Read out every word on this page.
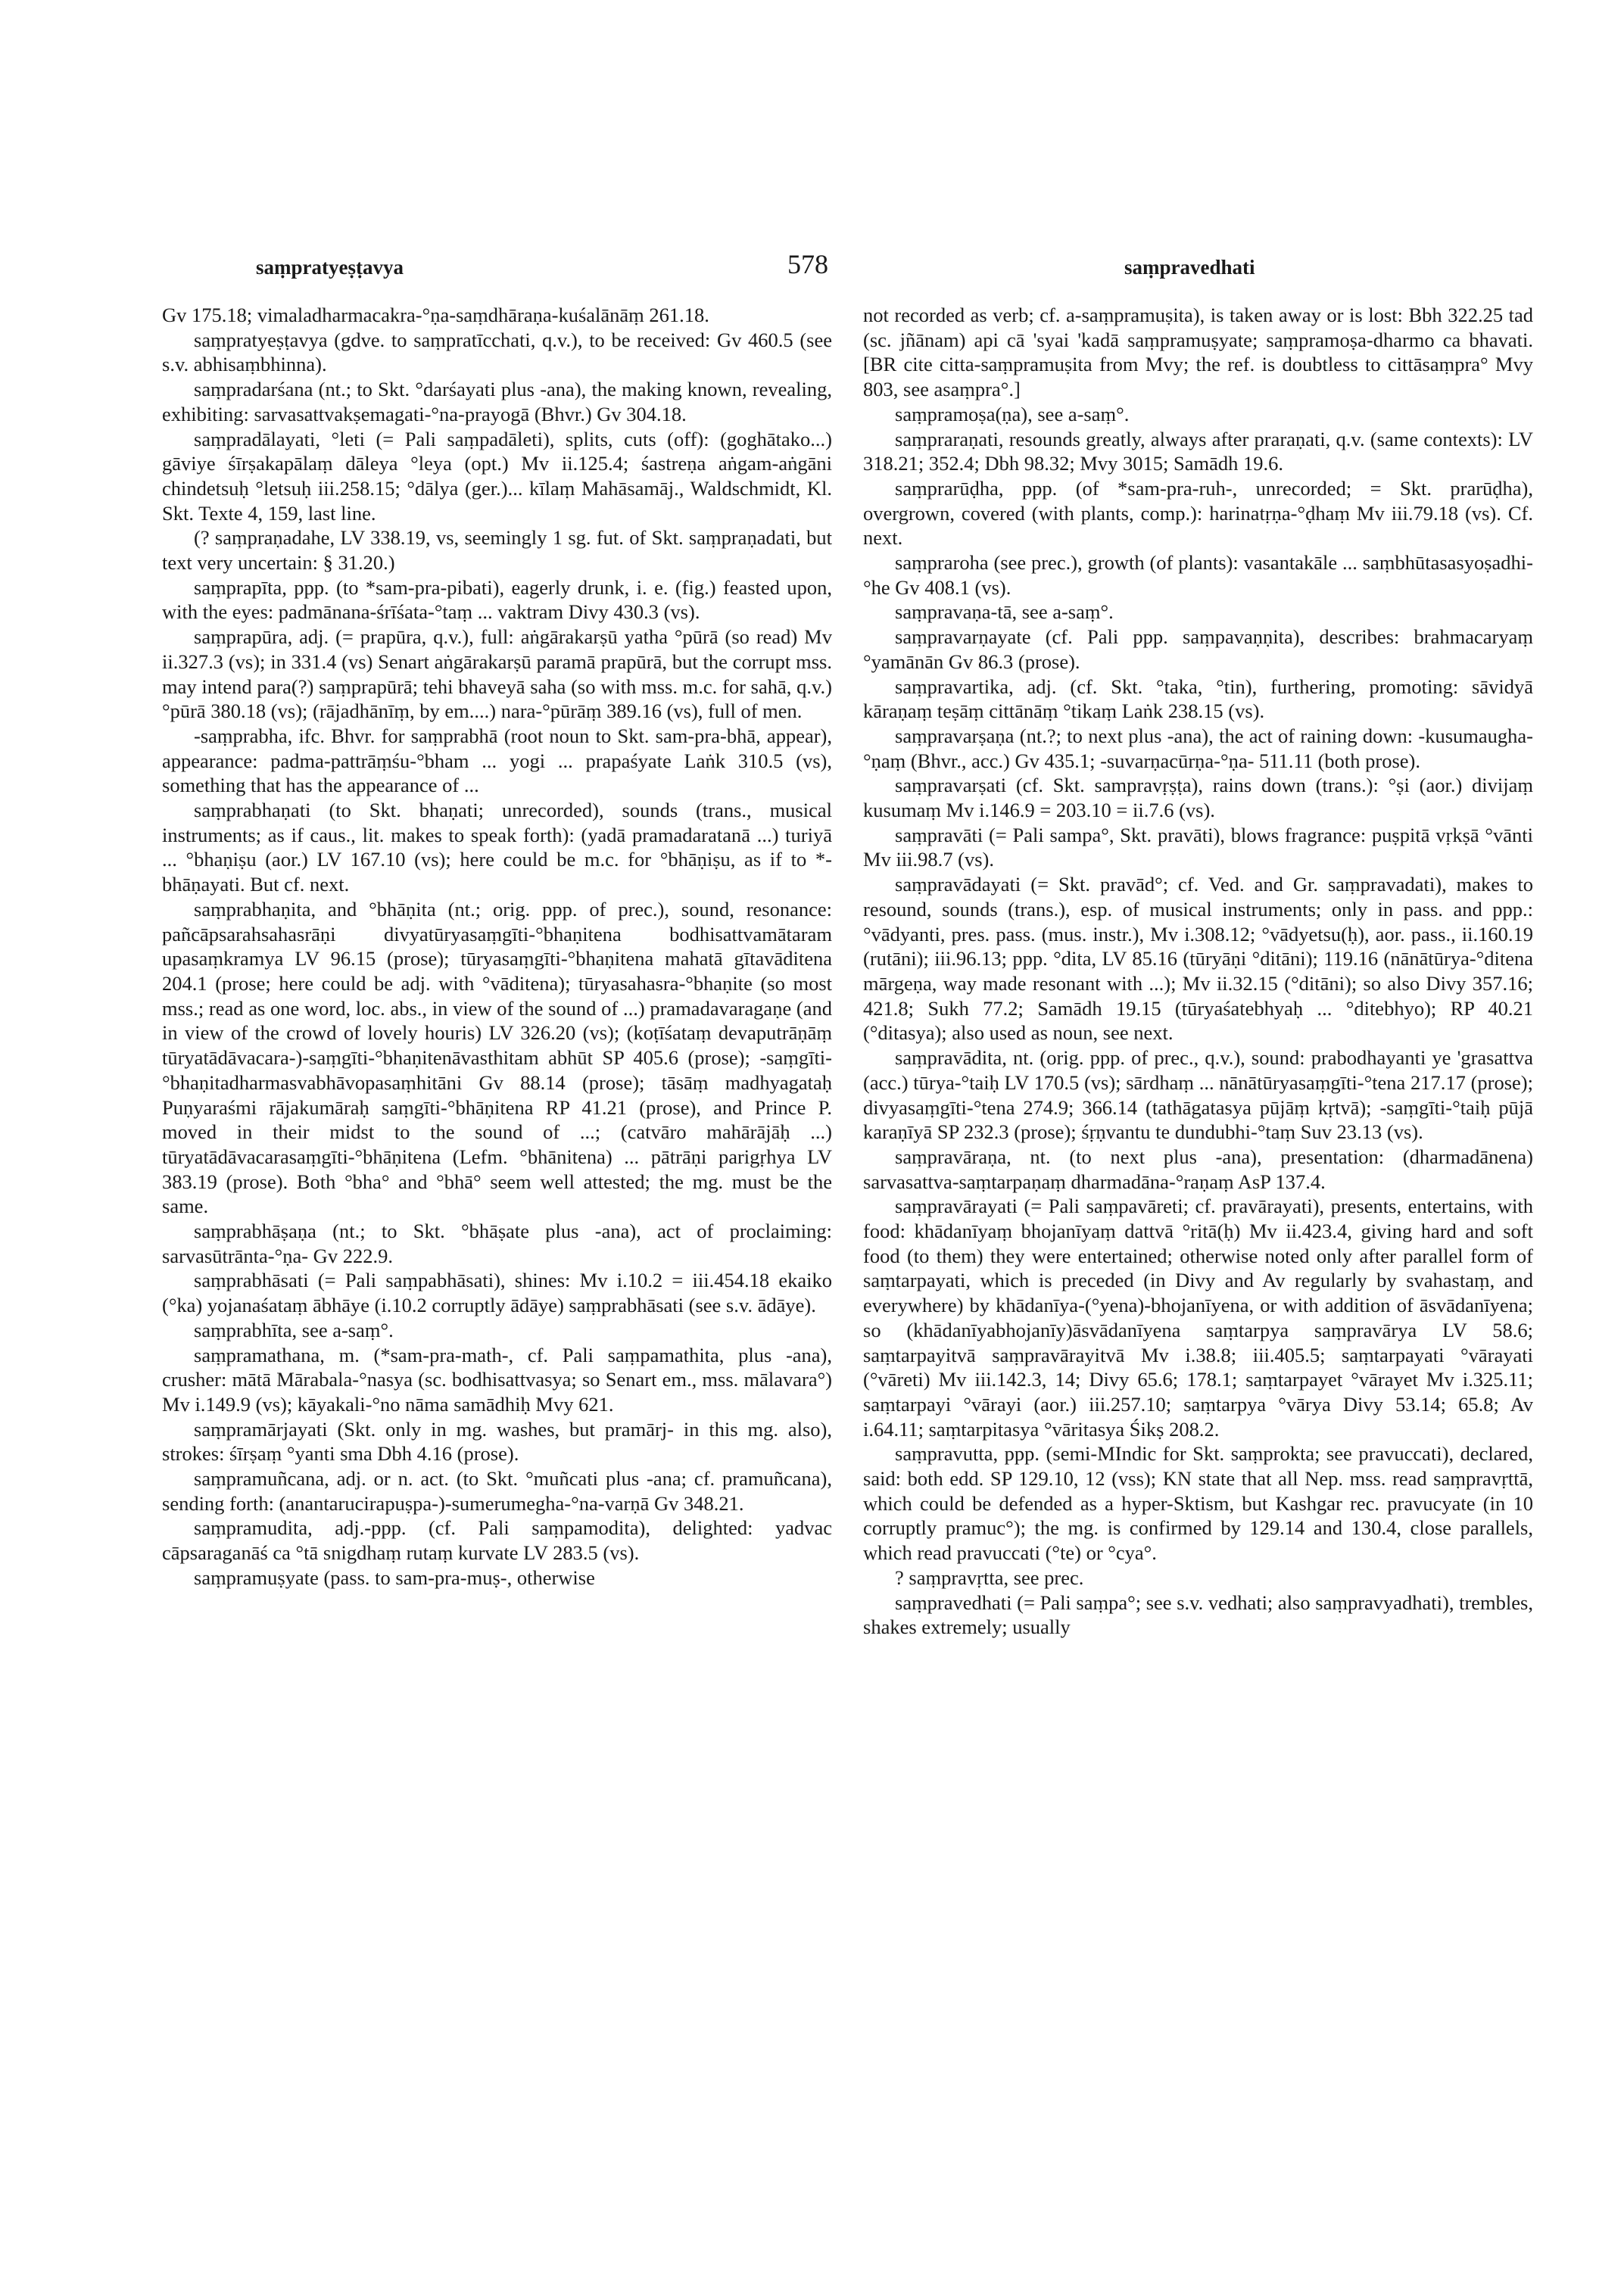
saṃpratyeṣṭavya	578	saṃpravedhati

Gv 175.18; vimaladharmacakra-°ṇa-saṃdhāraṇa-kuśalānāṃ 261.18.

saṃpratyeṣṭavya (gdve. to saṃpratīcchati, q.v.), to be received: Gv 460.5 (see s.v. abhisaṃbhinna).

saṃpradarśana (nt.; to Skt. °darśayati plus -ana), the making known, revealing, exhibiting: sarvasattvakṣemagati-°na-prayogā (Bhvr.) Gv 304.18.

saṃpradālayati, °leti (= Pali saṃpadāleti), splits, cuts (off): (goghātako...) gāviye śīrṣakapālaṃ dāleya °leya (opt.) Mv ii.125.4; śastreṇa aṅgam-aṅgāni chindetsuḥ °letsuḥ iii.258.15; °dālya (ger.)... kīlaṃ Mahāsamāj., Waldschmidt, Kl. Skt. Texte 4, 159, last line.

(? saṃpraṇadahe, LV 338.19, vs, seemingly 1 sg. fut. of Skt. saṃpraṇadati, but text very uncertain: § 31.20.)

saṃprapīta, ppp. (to *sam-pra-pibati), eagerly drunk, i. e. (fig.) feasted upon, with the eyes: padmānana-śrīśata-°taṃ ... vaktram Divy 430.3 (vs).

saṃprapūra, adj. (= prapūra, q.v.), full: aṅgārakarṣū yatha °pūrā (so read) Mv ii.327.3 (vs); in 331.4 (vs) Senart aṅgārakarṣū paramā prapūrā, but the corrupt mss. may intend para(?) saṃprapūrā; tehi bhaveyā saha (so with mss. m.c. for sahā, q.v.) °pūrā 380.18 (vs); (rājadhānīṃ, by em....) nara-°pūrāṃ 389.16 (vs), full of men.

-saṃprabha, ifc. Bhvr. for saṃprabhā (root noun to Skt. sam-pra-bhā, appear), appearance: padma-pattrāṃśu-°bham ... yogi ... prapaśyate Laṅk 310.5 (vs), something that has the appearance of ...

saṃprabhaṇati (to Skt. bhaṇati; unrecorded), sounds (trans., musical instruments; as if caus., lit. makes to speak forth): (yadā pramadaratanā ...) turiyā ... °bhaṇiṣu (aor.) LV 167.10 (vs); here could be m.c. for °bhāṇiṣu, as if to *-bhāṇayati. But cf. next.

saṃprabhaṇita, and °bhāṇita (nt.; orig. ppp. of prec.), sound, resonance: pañcāpsarahsahasrāṇi divyatūryasaṃgīti-°bhaṇitena bodhisattvamātaram upasaṃkramya LV 96.15 (prose); tūryasaṃgīti-°bhaṇitena mahatā gītavāditena 204.1 (prose; here could be adj. with °vāditena); tūryasahasra-°bhaṇite (so most mss.; read as one word, loc. abs., in view of the sound of ...) pramadavaragaṇe (and in view of the crowd of lovely houris) LV 326.20 (vs); (koṭīśataṃ devaputrāṇāṃ tūryatādāvacara-)-saṃgīti-°bhaṇitenāvasthitam abhūt SP 405.6 (prose); -saṃgīti-°bhaṇitadharmasvabhāvopasaṃhitāni Gv 88.14 (prose); tāsāṃ madhyagataḥ Puṇyaraśmi rājakumāraḥ saṃgīti-°bhāṇitena RP 41.21 (prose), and Prince P. moved in their midst to the sound of ...; (catvāro mahārājāḥ ...) tūryatādāvacarasaṃgīti-°bhāṇitena (Lefm. °bhānitena) ... pātrāṇi parigṛhya LV 383.19 (prose). Both °bha° and °bhā° seem well attested; the mg. must be the same.

saṃprabhāṣaṇa (nt.; to Skt. °bhāṣate plus -ana), act of proclaiming: sarvasūtrānta-°ṇa- Gv 222.9.

saṃprabhāsati (= Pali saṃpabhāsati), shines: Mv i.10.2 = iii.454.18 ekaiko (°ka) yojanaśataṃ ābhāye (i.10.2 corruptly ādāye) saṃprabhāsati (see s.v. ādāye).

saṃprabhīta, see a-saṃ°.

saṃpramathana, m. (*sam-pra-math-, cf. Pali saṃpamathita, plus -ana), crusher: mātā Mārabala-°nasya (sc. bodhisattvasya; so Senart em., mss. mālavara°) Mv i.149.9 (vs); kāyakali-°no nāma samādhiḥ Mvy 621.

saṃpramārjayati (Skt. only in mg. washes, but pramārj- in this mg. also), strokes: śīrṣaṃ °yanti sma Dbh 4.16 (prose).

saṃpramuñcana, adj. or n. act. (to Skt. °muñcati plus -ana; cf. pramuñcana), sending forth: (anantarucirapuṣpa-)-sumerumegha-°na-varṇā Gv 348.21.

saṃpramudita, adj.-ppp. (cf. Pali saṃpamodita), delighted: yadvac cāpsaraganāś ca °tā snigdhaṃ rutaṃ kurvate LV 283.5 (vs).

saṃpramuṣyate (pass. to sam-pra-muṣ-, otherwise

not recorded as verb; cf. a-saṃpramuṣita), is taken away or is lost: Bbh 322.25 tad (sc. jñānam) api cā 'syai 'kadā saṃpramuṣyate; saṃpramoṣa-dharmo ca bhavati. [BR cite citta-saṃpramuṣita from Mvy; the ref. is doubtless to cittāsaṃpra° Mvy 803, see asaṃpra°.]

saṃpramoṣa(ṇa), see a-saṃ°.

saṃpraraṇati, resounds greatly, always after praraṇati, q.v. (same contexts): LV 318.21; 352.4; Dbh 98.32; Mvy 3015; Samādh 19.6.

saṃprarūḍha, ppp. (of *sam-pra-ruh-, unrecorded; = Skt. prarūḍha), overgrown, covered (with plants, comp.): harinatṛṇa-°ḍhaṃ Mv iii.79.18 (vs). Cf. next.

saṃpraroha (see prec.), growth (of plants): vasantakāle ... saṃbhūtasasyoṣadhi-°he Gv 408.1 (vs).

saṃpravaṇa-tā, see a-saṃ°.

saṃpravarṇayate (cf. Pali ppp. saṃpavaṇṇita), describes: brahmacaryaṃ °yamānān Gv 86.3 (prose).

saṃpravartika, adj. (cf. Skt. °taka, °tin), furthering, promoting: sāvidyā kāraṇaṃ teṣāṃ cittānāṃ °tikaṃ Laṅk 238.15 (vs).

saṃpravarṣaṇa (nt.?; to next plus -ana), the act of raining down: -kusumaugha-°ṇaṃ (Bhvr., acc.) Gv 435.1; -suvarṇacūrṇa-°ṇa- 511.11 (both prose).

saṃpravarṣati (cf. Skt. sampravṛṣṭa), rains down (trans.): °ṣi (aor.) divijaṃ kusumaṃ Mv i.146.9 = 203.10 = ii.7.6 (vs).

saṃpravāti (= Pali sampa°, Skt. pravāti), blows fragrance: puṣpitā vṛkṣā °vānti Mv iii.98.7 (vs).

saṃpravādayati (= Skt. pravād°; cf. Ved. and Gr. saṃpravadati), makes to resound, sounds (trans.), esp. of musical instruments; only in pass. and ppp.: °vādyanti, pres. pass. (mus. instr.), Mv i.308.12; °vādyetsu(ḥ), aor. pass., ii.160.19 (rutāni); iii.96.13; ppp. °dita, LV 85.16 (tūryāṇi °ditāni); 119.16 (nānātūrya-°ditena mārgeṇa, way made resonant with ...); Mv ii.32.15 (°ditāni); so also Divy 357.16; 421.8; Sukh 77.2; Samādh 19.15 (tūryaśatebhyaḥ ... °ditebhyo); RP 40.21 (°ditasya); also used as noun, see next.

saṃpravādita, nt. (orig. ppp. of prec., q.v.), sound: prabodhayanti ye 'grasattva (acc.) tūrya-°taiḥ LV 170.5 (vs); sārdhaṃ ... nānātūryasaṃgīti-°tena 217.17 (prose); divyasaṃgīti-°tena 274.9; 366.14 (tathāgatasya pūjāṃ kṛtvā); -saṃgīti-°taiḥ pūjā karaṇīyā SP 232.3 (prose); śṛṇvantu te dundubhi-°taṃ Suv 23.13 (vs).

saṃpravāraṇa, nt. (to next plus -ana), presentation: (dharmadānena) sarvasattva-saṃtarpaṇaṃ dharmadāna-°raṇaṃ AsP 137.4.

saṃpravārayati (= Pali saṃpavāreti; cf. pravārayati), presents, entertains, with food: khādanīyaṃ bhojanīyaṃ dattvā °ritā(ḥ) Mv ii.423.4, giving hard and soft food (to them) they were entertained; otherwise noted only after parallel form of saṃtarpayati, which is preceded (in Divy and Av regularly by svahastaṃ, and everywhere) by khādanīya-(°yena)-bhojanīyena, or with addition of āsvādanīyena; so (khādanīyabhojanīy)āsvādanīyena saṃtarpya saṃpravārya LV 58.6; saṃtarpayitvā saṃpravārayitvā Mv i.38.8; iii.405.5; saṃtarpayati °vārayati (°vāreti) Mv iii.142.3, 14; Divy 65.6; 178.1; saṃtarpayet °vārayet Mv i.325.11; saṃtarpayi °vārayi (aor.) iii.257.10; saṃtarpya °vārya Divy 53.14; 65.8; Av i.64.11; saṃtarpitasya °vāritasya Śikṣ 208.2.

saṃpravutta, ppp. (semi-MIndic for Skt. saṃprokta; see pravuccati), declared, said: both edd. SP 129.10, 12 (vss); KN state that all Nep. mss. read saṃpravṛttā, which could be defended as a hyper-Sktism, but Kashgar rec. pravucyate (in 10 corruptly pramuc°); the mg. is confirmed by 129.14 and 130.4, close parallels, which read pravuccati (°te) or °cya°.

? saṃpravṛtta, see prec.

saṃpravedhati (= Pali saṃpa°; see s.v. vedhati; also saṃpravyadhati), trembles, shakes extremely; usually
